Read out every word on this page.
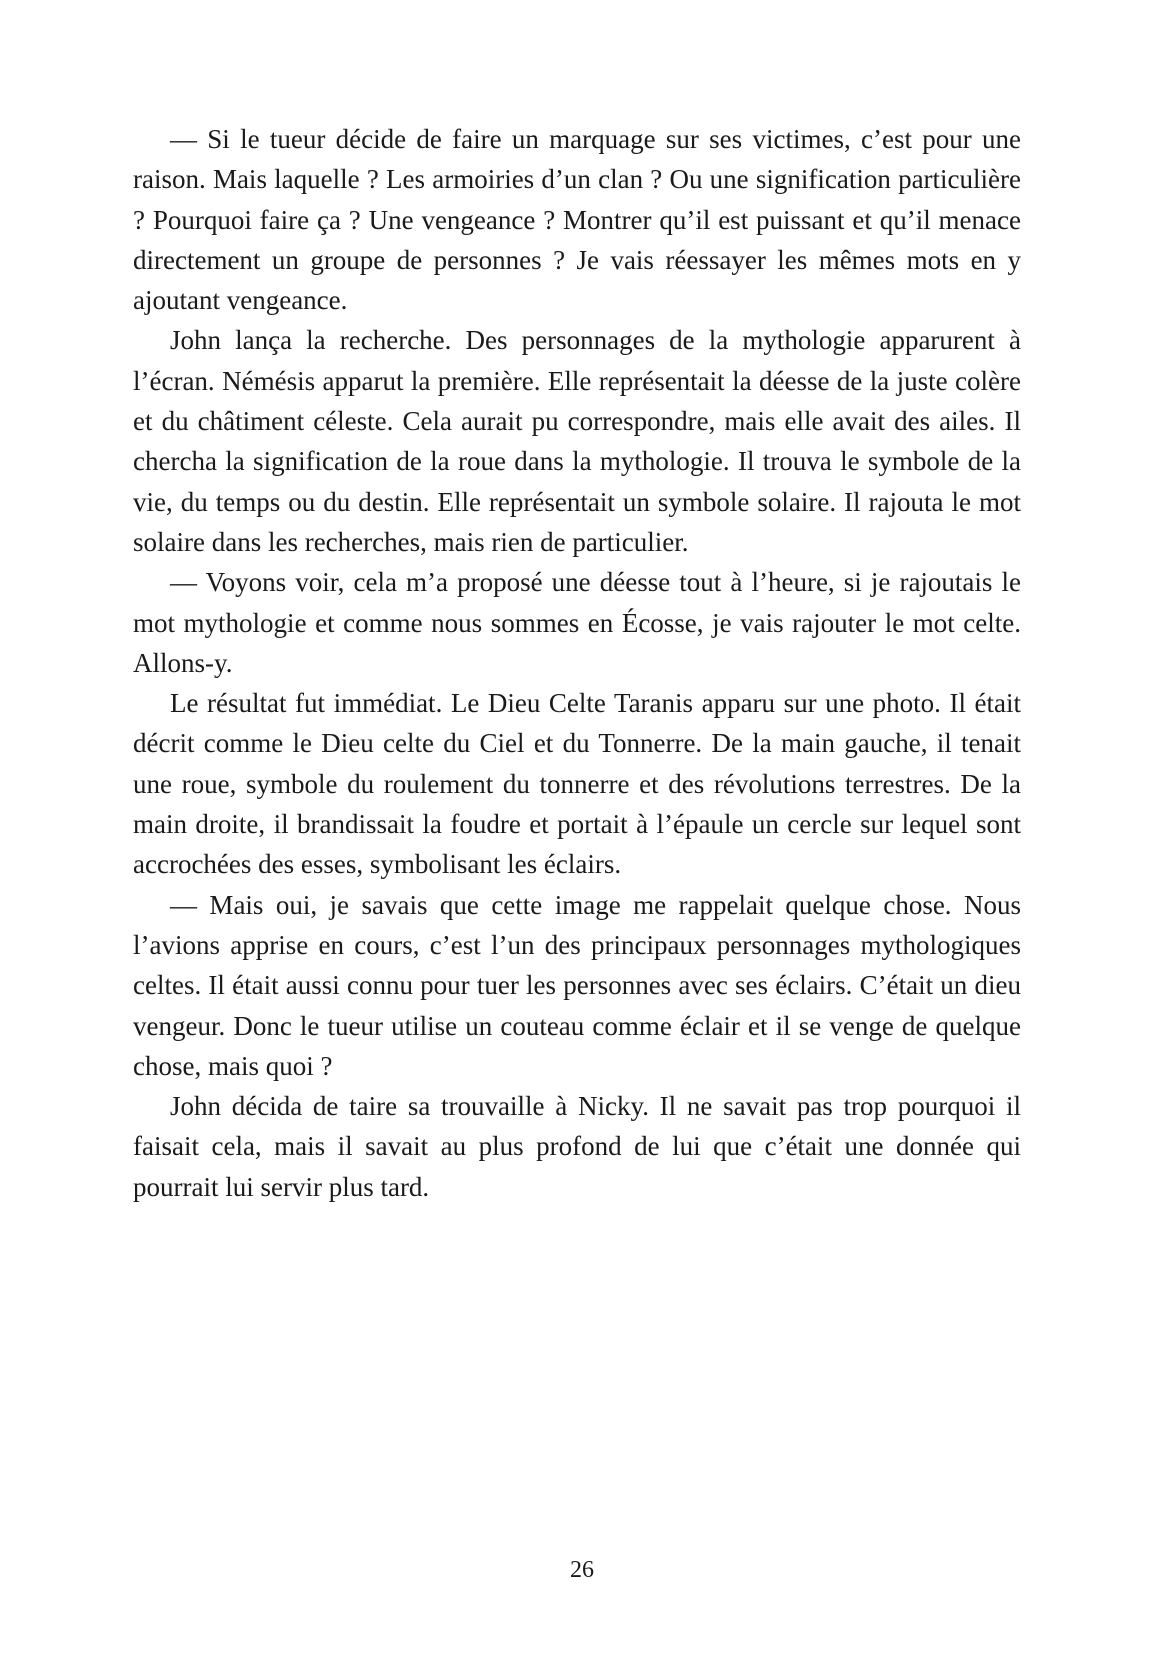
— Si le tueur décide de faire un marquage sur ses victimes, c’est pour une raison. Mais laquelle ? Les armoiries d’un clan ? Ou une signification particulière ? Pourquoi faire ça ? Une vengeance ? Montrer qu’il est puissant et qu’il menace directement un groupe de personnes ? Je vais réessayer les mêmes mots en y ajoutant vengeance.

John lança la recherche. Des personnages de la mythologie apparurent à l’écran. Némésis apparut la première. Elle représentait la déesse de la juste colère et du châtiment céleste. Cela aurait pu correspondre, mais elle avait des ailes. Il chercha la signification de la roue dans la mythologie. Il trouva le symbole de la vie, du temps ou du destin. Elle représentait un symbole solaire. Il rajouta le mot solaire dans les recherches, mais rien de particulier.

— Voyons voir, cela m’a proposé une déesse tout à l’heure, si je rajoutais le mot mythologie et comme nous sommes en Écosse, je vais rajouter le mot celte. Allons-y.

Le résultat fut immédiat. Le Dieu Celte Taranis apparu sur une photo. Il était décrit comme le Dieu celte du Ciel et du Tonnerre. De la main gauche, il tenait une roue, symbole du roulement du tonnerre et des révolutions terrestres. De la main droite, il brandissait la foudre et portait à l’épaule un cercle sur lequel sont accrochées des esses, symbolisant les éclairs.

— Mais oui, je savais que cette image me rappelait quelque chose. Nous l’avions apprise en cours, c’est l’un des principaux personnages mythologiques celtes. Il était aussi connu pour tuer les personnes avec ses éclairs. C’était un dieu vengeur. Donc le tueur utilise un couteau comme éclair et il se venge de quelque chose, mais quoi ?

John décida de taire sa trouvaille à Nicky. Il ne savait pas trop pourquoi il faisait cela, mais il savait au plus profond de lui que c’était une donnée qui pourrait lui servir plus tard.

26
